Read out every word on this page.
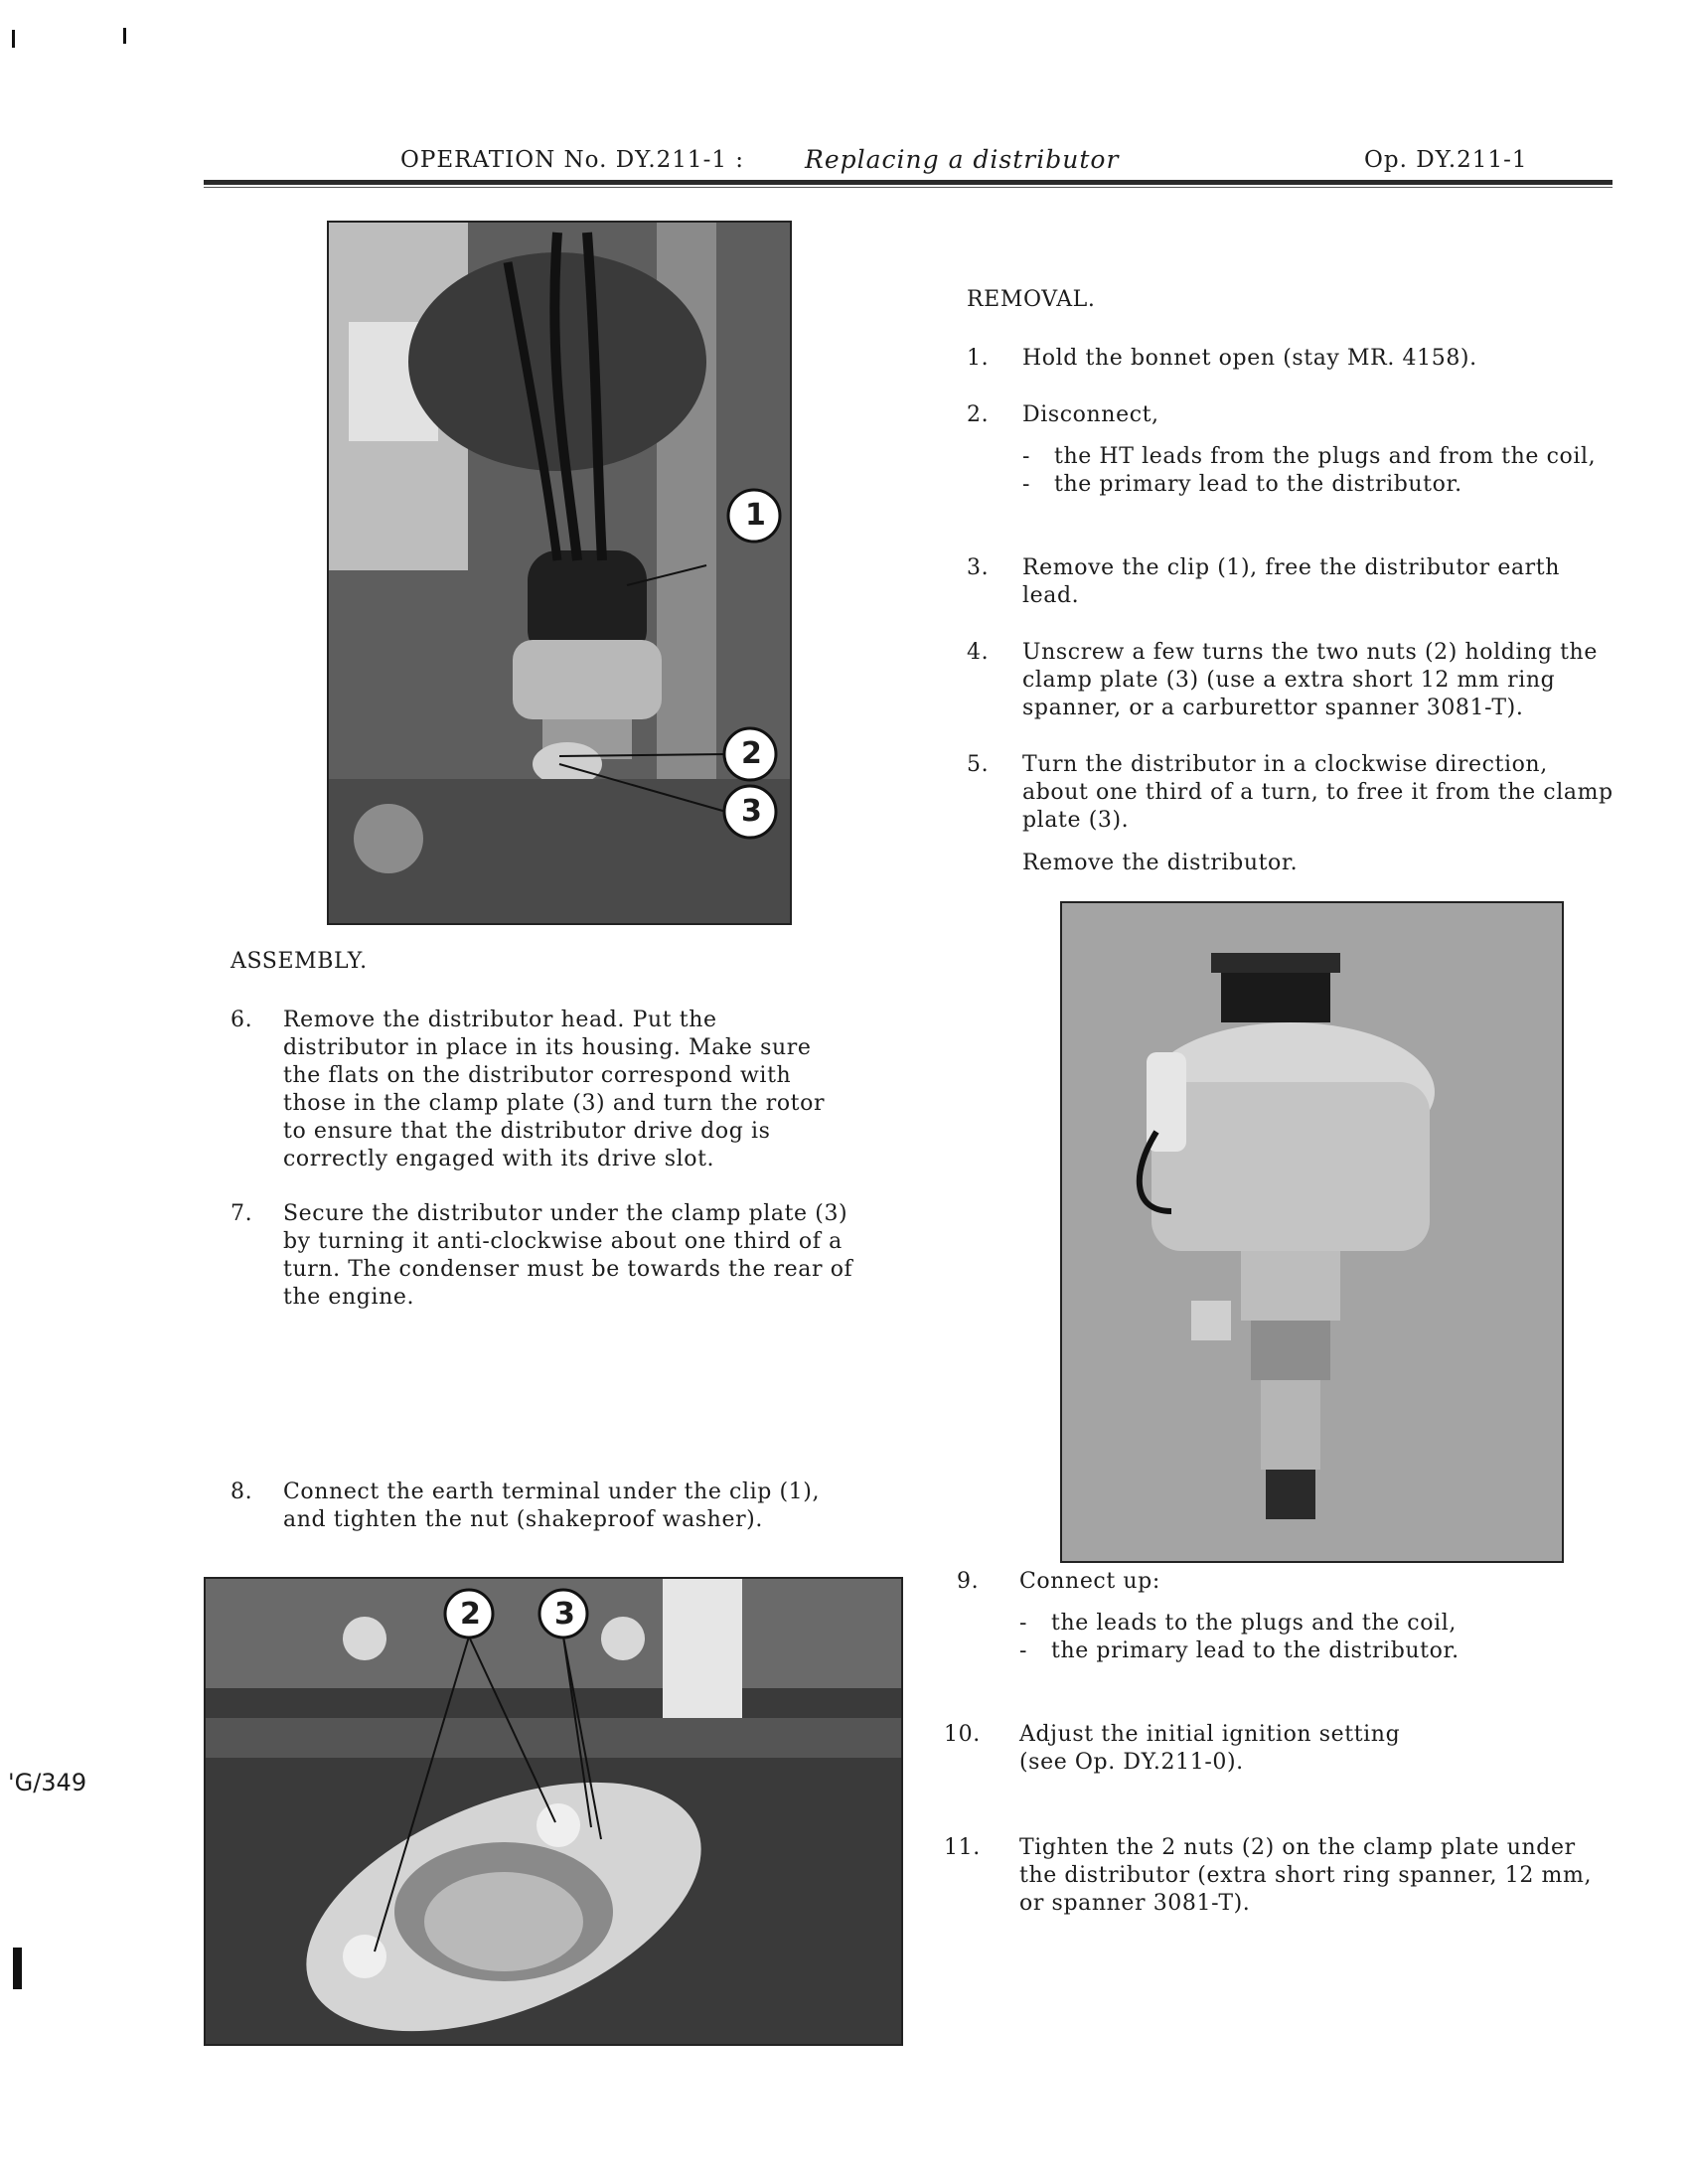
OPERATION No. DY.211-1 : Replacing a distributor	Op. DY.211-1
1
2
3
REMOVAL.
1. Hold the bonnet open (stay MR. 4158).
2. Disconnect,
- the HT leads from the plugs and from the coil,
- the primary lead to the distributor.
3. Remove the clip (1), free the distributor earth lead.
4. Unscrew a few turns the two nuts (2) holding the clamp plate (3) (use a extra short 12 mm ring spanner, or a carburettor spanner 3081-T).
5. Turn the distributor in a clockwise direction, about one third of a turn, to free it from the clamp plate (3).
Remove the distributor.
ASSEMBLY.
6. Remove the distributor head. Put the distributor in place in its housing. Make sure the flats on the distributor correspond with those in the clamp plate (3) and turn the rotor to ensure that the distributor drive dog is correctly engaged with its drive slot.
7. Secure the distributor under the clamp plate (3) by turning it anti-clockwise about one third of a turn. The condenser must be towards the rear of the engine.
8. Connect the earth terminal under the clip (1), and tighten the nut (shakeproof washer).
2 3
9. Connect up:
- the leads to the plugs and the coil,
- the primary lead to the distributor.
10. Adjust the initial ignition setting (see Op. DY.211-0).
11. Tighten the 2 nuts (2) on the clamp plate under the distributor (extra short ring spanner, 12 mm, or spanner 3081-T).
'G/349
